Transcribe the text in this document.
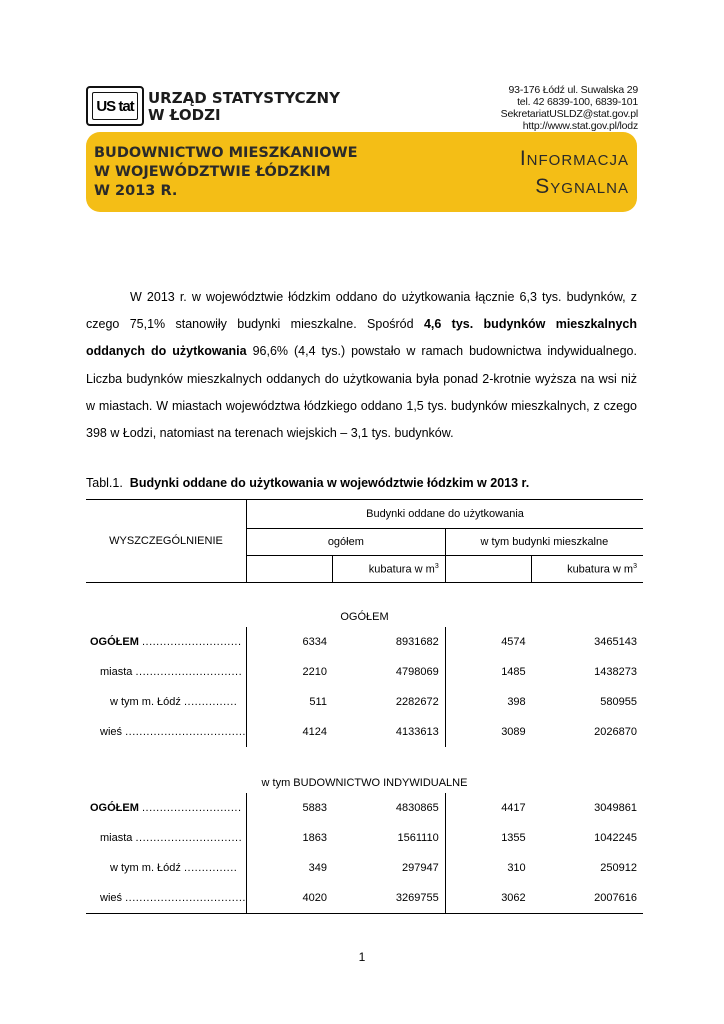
US tat URZĄD STATYSTYCZNY
W ŁODZI
93-176 Łódź ul. Suwalska 29
tel. 42 6839-100, 6839-101
SekretariatUSLDZ@stat.gov.pl
http://www.stat.gov.pl/lodz
BUDOWNICTWO MIESZKANIOWE
W WOJEWÓDZTWIE ŁÓDZKIM
W 2013 R.
INFORMACJA
SYGNALNA
W 2013 r. w województwie łódzkim oddano do użytkowania łącznie 6,3 tys. budynków, z czego 75,1% stanowiły budynki mieszkalne. Spośród 4,6 tys. budynków mieszkalnych oddanych do użytkowania 96,6% (4,4 tys.) powstało w ramach budownictwa indywidualnego. Liczba budynków mieszkalnych oddanych do użytkowania była ponad 2-krotnie wyższa na wsi niż w miastach. W miastach województwa łódzkiego oddano 1,5 tys. budynków mieszkalnych, z czego 398 w Łodzi, natomiast na terenach wiejskich – 3,1 tys. budynków.
Tabl.1. Budynki oddane do użytkowania w województwie łódzkim w 2013 r.
WYSZCZEGÓLNIENIE	Budynki oddane do użytkowania			
	ogółem		w tym budynki mieszkalne	
		kubatura w $m^3$		kubatura w $m^3$
OGÓŁEM				
OGÓŁEM ............................	6334	8931682	4574	3465143
miasta ..............................	2210	4798069	1485	1438273
w tym m. Łódź ...............	511	2282672	398	580955
wieś ..................................	4124	4133613	3089	2026870
w tym BUDOWNICTWO INDYWIDUALNE				
OGÓŁEM ............................	5883	4830865	4417	3049861
miasta ..............................	1863	1561110	1355	1042245
w tym m. Łódź ...............	349	297947	310	250912
wieś ..................................	4020	3269755	3062	2007616
1
